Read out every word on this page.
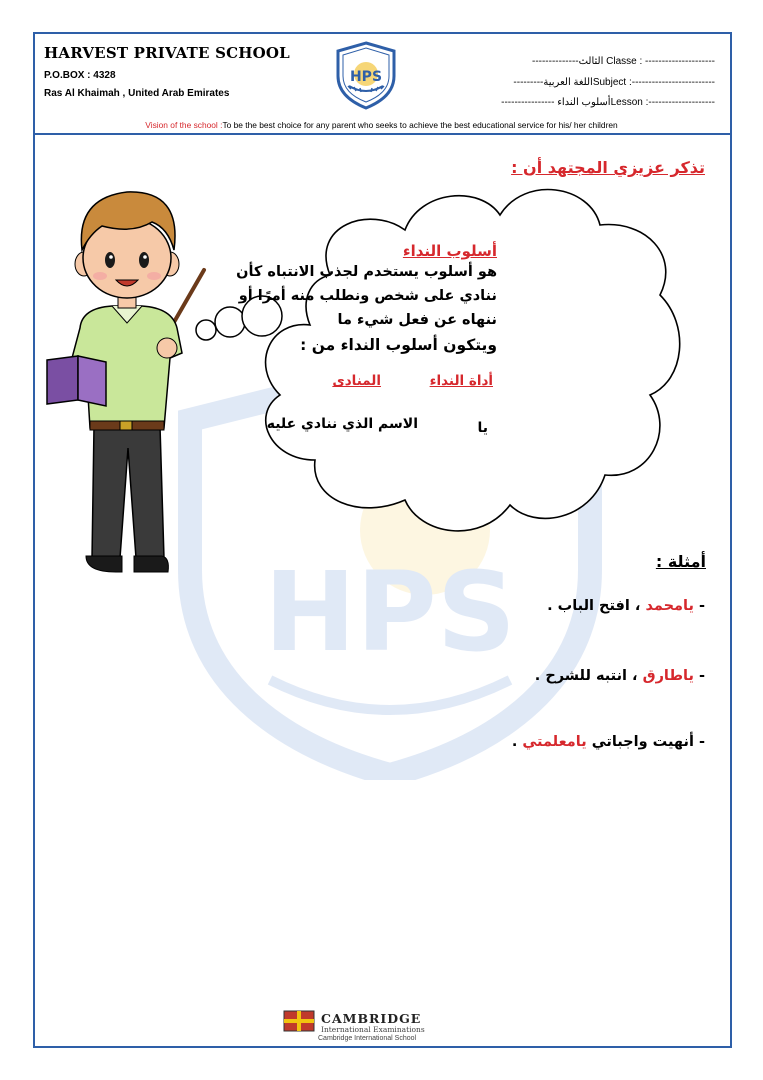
HARVEST PRIVATE SCHOOL
P.O.BOX : 4328
Ras Al Khaimah , United Arab Emirates
HPS
--------------الثالث Classe : ---------------------
---------اللغة العربيةSubject :-------------------------
---------------- أسلوب النداءLesson :--------------------
Vision of the school :To be the best choice for any parent who seeks to achieve the best educational service for his/ her children
HPS
تذكر عزيزي المجتهد أن :
أسلوب النداء
هو أسلوب يستخدم لجذب الانتباه كأن
ننادي على شخص ونطلب منه أمرًا أو
ننهاه عن فعل شيء ما
ويتكون أسلوب النداء من :
أداة النداء
المنادى
يا
الاسم الذي ننادي عليه
أمثلة :
- يامحمد ، افتح الباب .
- ياطارق ، انتبه للشرح .
- أنهيت واجباتي يامعلمتي .
CAMBRIDGE
International Examinations
Cambridge International School
